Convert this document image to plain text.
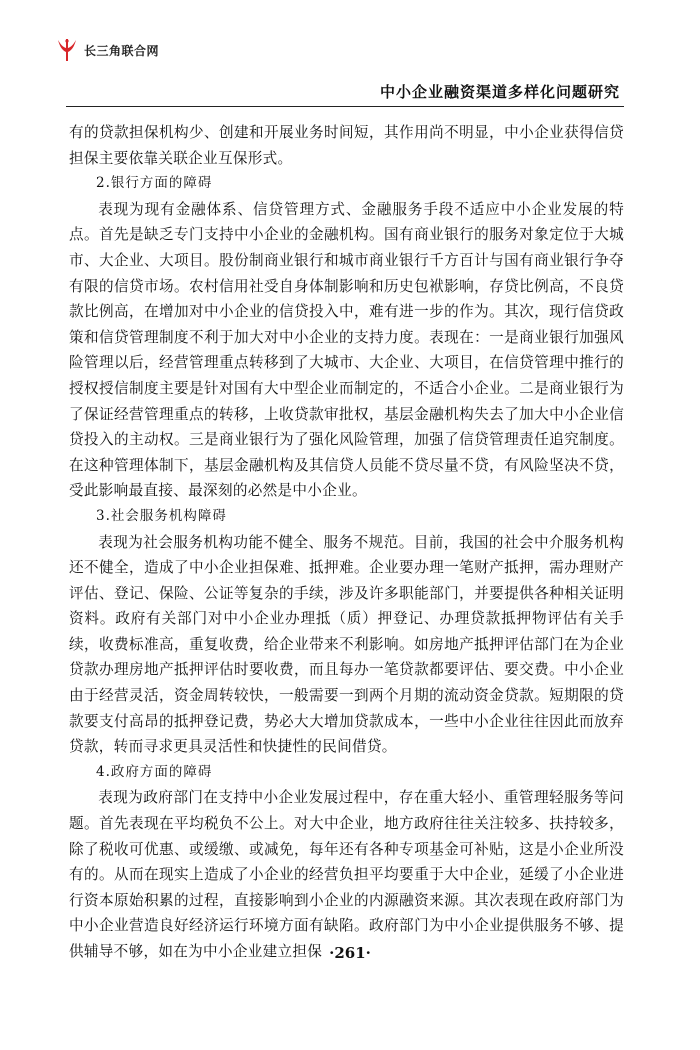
长三角联合网
中小企业融资渠道多样化问题研究

有的贷款担保机构少、创建和开展业务时间短，其作用尚不明显，中小企业获得信贷担保主要依靠关联企业互保形式。

2.银行方面的障碍

表现为现有金融体系、信贷管理方式、金融服务手段不适应中小企业发展的特点。首先是缺乏专门支持中小企业的金融机构。国有商业银行的服务对象定位于大城市、大企业、大项目。股份制商业银行和城市商业银行千方百计与国有商业银行争夺有限的信贷市场。农村信用社受自身体制影响和历史包袱影响，存贷比例高，不良贷款比例高，在增加对中小企业的信贷投入中，难有进一步的作为。其次，现行信贷政策和信贷管理制度不利于加大对中小企业的支持力度。表现在：一是商业银行加强风险管理以后，经营管理重点转移到了大城市、大企业、大项目，在信贷管理中推行的授权授信制度主要是针对国有大中型企业而制定的，不适合小企业。二是商业银行为了保证经营管理重点的转移，上收贷款审批权，基层金融机构失去了加大中小企业信贷投入的主动权。三是商业银行为了强化风险管理，加强了信贷管理责任追究制度。在这种管理体制下，基层金融机构及其信贷人员能不贷尽量不贷，有风险坚决不贷，受此影响最直接、最深刻的必然是中小企业。

3.社会服务机构障碍

表现为社会服务机构功能不健全、服务不规范。目前，我国的社会中介服务机构还不健全，造成了中小企业担保难、抵押难。企业要办理一笔财产抵押，需办理财产评估、登记、保险、公证等复杂的手续，涉及许多职能部门，并要提供各种相关证明资料。政府有关部门对中小企业办理抵（质）押登记、办理贷款抵押物评估有关手续，收费标准高，重复收费，给企业带来不利影响。如房地产抵押评估部门在为企业贷款办理房地产抵押评估时要收费，而且每办一笔贷款都要评估、要交费。中小企业由于经营灵活，资金周转较快，一般需要一到两个月期的流动资金贷款。短期限的贷款要支付高昂的抵押登记费，势必大大增加贷款成本，一些中小企业往往因此而放弃贷款，转而寻求更具灵活性和快捷性的民间借贷。

4.政府方面的障碍

表现为政府部门在支持中小企业发展过程中，存在重大轻小、重管理轻服务等问题。首先表现在平均税负不公上。对大中企业，地方政府往往关注较多、扶持较多，除了税收可优惠、或缓缴、或减免，每年还有各种专项基金可补贴，这是小企业所没有的。从而在现实上造成了小企业的经营负担平均要重于大中企业，延缓了小企业进行资本原始积累的过程，直接影响到小企业的内源融资来源。其次表现在政府部门为中小企业营造良好经济运行环境方面有缺陷。政府部门为中小企业提供服务不够、提供辅导不够，如在为中小企业建立担保 ·261·
